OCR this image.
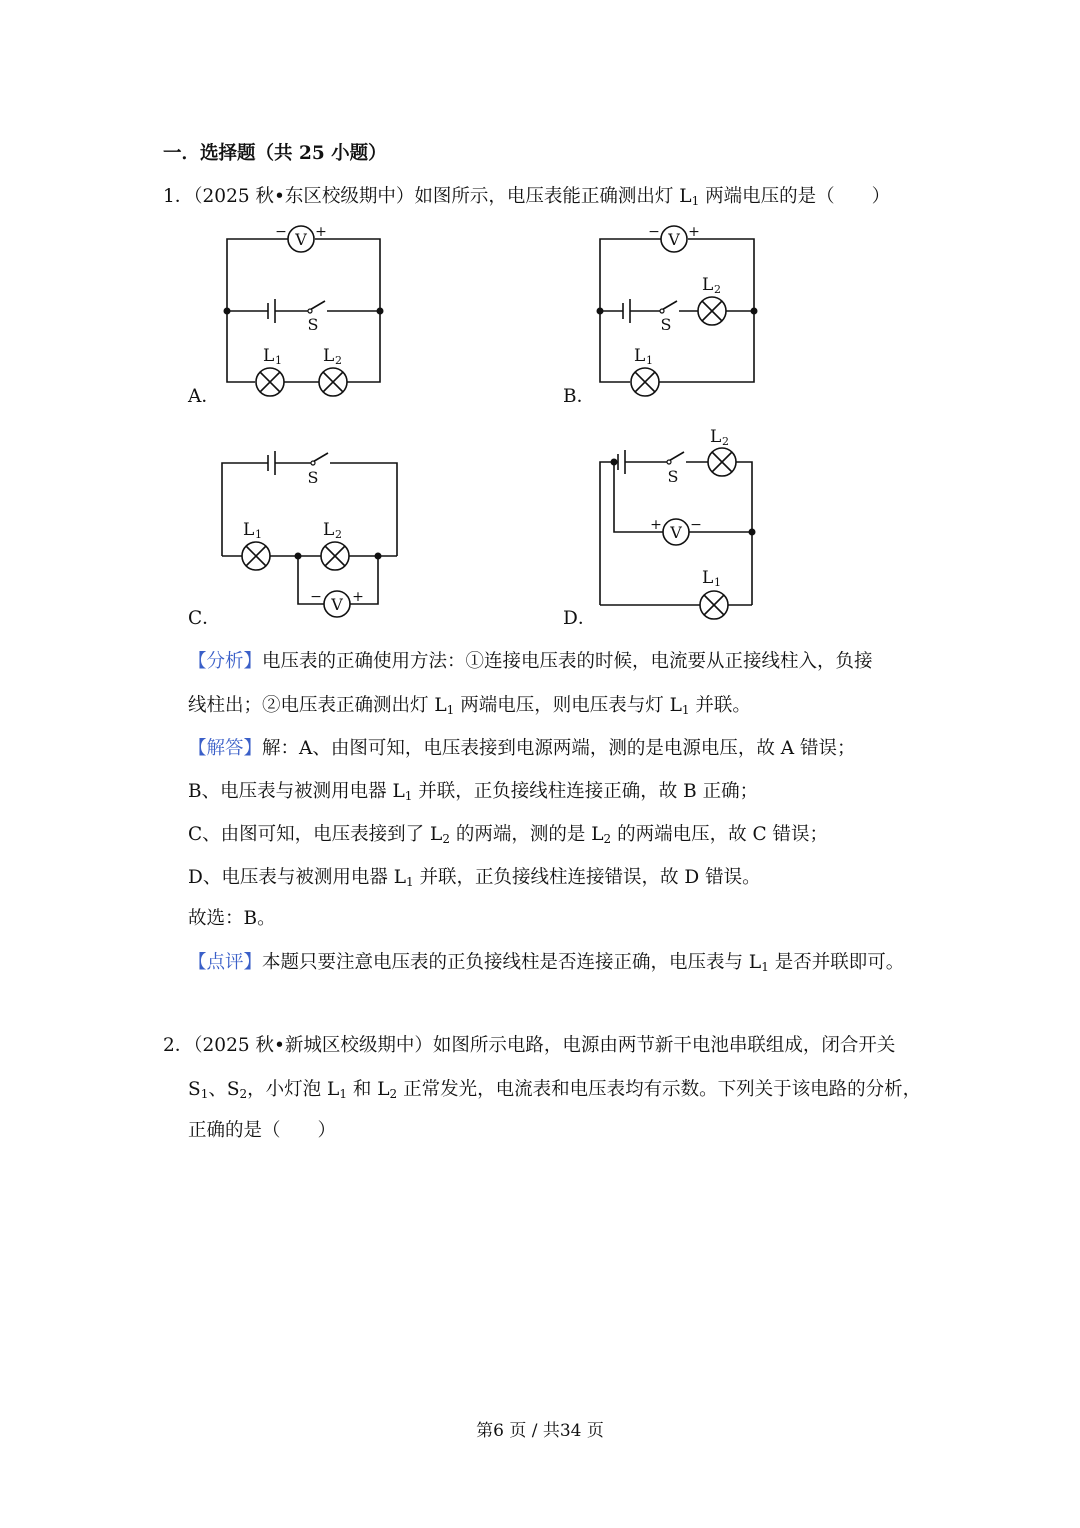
一．选择题（共 25 小题）
1．（2025 秋•东区校级期中）如图所示，电压表能正确测出灯 $L_1$ 两端电压的是（　　）
V
− +
S
L 1 L 2
A．
V
− +
S
L 2
L 1
B．
S
L 1	L 2
V
− +
C．
S
L 2
V
+ −
L 1
D．
【分析】电压表的正确使用方法：①连接电压表的时候，电流要从正接线柱入，负接
线柱出；②电压表正确测出灯 $L_1$ 两端电压，则电压表与灯 $L_1$ 并联。
【解答】解：A、由图可知，电压表接到电源两端，测的是电源电压，故 A 错误；
B、电压表与被测用电器 $L_1$ 并联，正负接线柱连接正确，故 B 正确；
C、由图可知，电压表接到了 $L_2$ 的两端，测的是 $L_2$ 的两端电压，故 C 错误；
D、电压表与被测用电器 $L_1$ 并联，正负接线柱连接错误，故 D 错误。
故选：B。
【点评】本题只要注意电压表的正负接线柱是否连接正确，电压表与 $L_1$ 是否并联即可。
2．（2025 秋•新城区校级期中）如图所示电路，电源由两节新干电池串联组成，闭合开关
$S_1$、$S_2$，小灯泡 $L_1$ 和 $L_2$ 正常发光，电流表和电压表均有示数。下列关于该电路的分析，
正确的是（　　）
第6 页 / 共34 页
